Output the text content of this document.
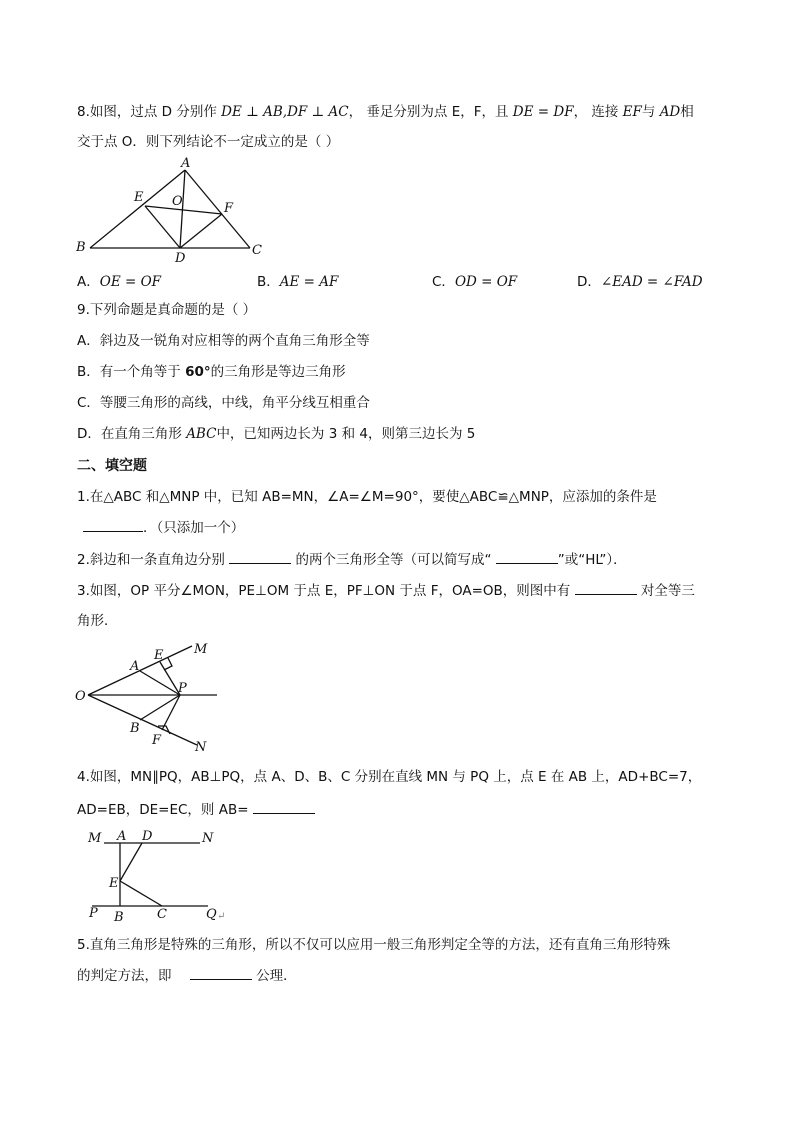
8.如图，过点 D 分别作 DE ⊥ AB,DF ⊥ AC， 垂足分别为点 E，F，且 DE = DF， 连接 EF与 AD相
交于点 O．则下列结论不一定成立的是（ ）
A
E O	F
B
D
C
A．OE = OF	B．AE = AF	C．OD = OF	D．∠EAD = ∠FAD
9.下列命题是真命题的是（ ）
A．斜边及一锐角对应相等的两个直角三角形全等
B．有一个角等于 60°的三角形是等边三角形
C．等腰三角形的高线，中线，角平分线互相重合
D．在直角三角形 ABC中，已知两边长为 3 和 4，则第三边长为 5
二、填空题
1.在△ABC 和△MNP 中，已知 AB=MN，∠A=∠M=90°，要使△ABC≌△MNP，应添加的条件是
．（只添加一个）
2.斜边和一条直角边分别	的两个三角形全等（可以简写成“	”或“HL”）．
3.如图，OP 平分∠MON，PE⊥OM 于点 E，PF⊥ON 于点 F，OA=OB，则图中有	对全等三
角形．
M
E
A
P
O
B
F	N
4.如图，MN∥PQ，AB⊥PQ，点 A、D、B、C 分别在直线 MN 与 PQ 上，点 E 在 AB 上，AD+BC=7，
AD=EB，DE=EC，则 AB=
M A D	N
E
P B	C	Q ↵
5.直角三角形是特殊的三角形，所以不仅可以应用一般三角形判定全等的方法，还有直角三角形特殊
的判定方法，即	公理．
